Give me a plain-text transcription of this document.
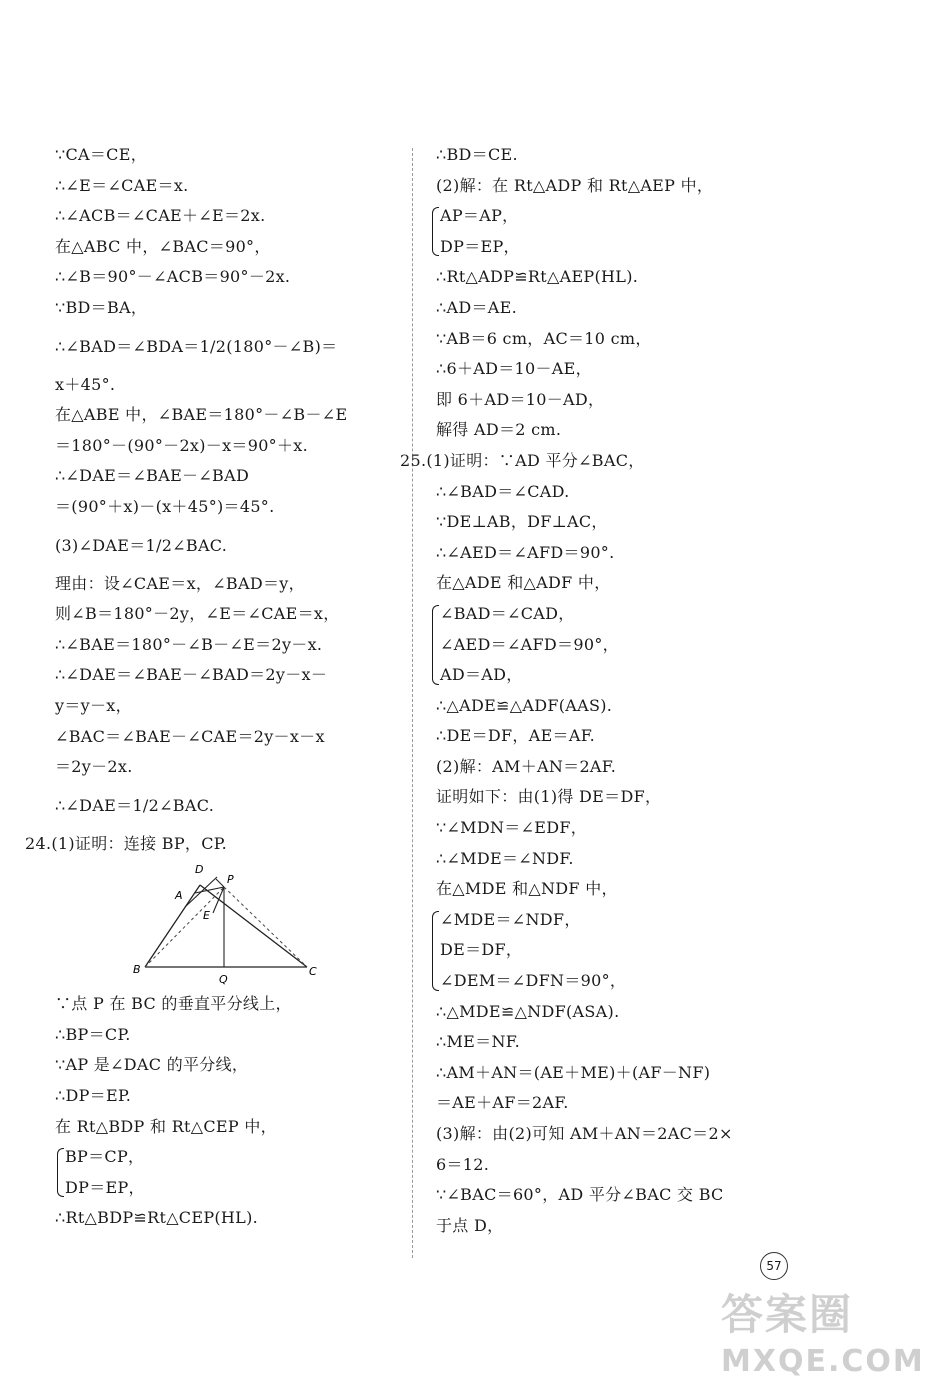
∵CA＝CE，
∴∠E＝∠CAE＝x.
∴∠ACB＝∠CAE＋∠E＝2x.
在△ABC 中，∠BAC＝90°，
∴∠B＝90°－∠ACB＝90°－2x.
∵BD＝BA，
∴∠BAD＝∠BDA＝1/2(180°－∠B)＝
x＋45°.
在△ABE 中，∠BAE＝180°－∠B－∠E
＝180°－(90°－2x)－x＝90°＋x.
∴∠DAE＝∠BAE－∠BAD
＝(90°＋x)－(x＋45°)＝45°.
(3)∠DAE＝1/2∠BAC.
理由：设∠CAE＝x，∠BAD＝y，
则∠B＝180°－2y，∠E＝∠CAE＝x，
∴∠BAE＝180°－∠B－∠E＝2y－x.
∴∠DAE＝∠BAE－∠BAD＝2y－x－
y＝y－x，
∠BAC＝∠BAE－∠CAE＝2y－x－x
＝2y－2x.
∴∠DAE＝1/2∠BAC.
24.(1)证明：连接 BP，CP.
D
A
P
E
B
Q
C
∵点 P 在 BC 的垂直平分线上，
∴BP＝CP.
∵AP 是∠DAC 的平分线，
∴DP＝EP.
在 Rt△BDP 和 Rt△CEP 中，
BP＝CP，
DP＝EP，
∴Rt△BDP≌Rt△CEP(HL).
∴BD＝CE.
(2)解：在 Rt△ADP 和 Rt△AEP 中，
AP＝AP，
DP＝EP，
∴Rt△ADP≌Rt△AEP(HL).
∴AD＝AE.
∵AB＝6 cm，AC＝10 cm，
∴6＋AD＝10－AE，
即 6＋AD＝10－AD，
解得 AD＝2 cm.
25.(1)证明：∵AD 平分∠BAC，
∴∠BAD＝∠CAD.
∵DE⊥AB，DF⊥AC，
∴∠AED＝∠AFD＝90°.
在△ADE 和△ADF 中，
∠BAD＝∠CAD，
∠AED＝∠AFD＝90°，
AD＝AD，
∴△ADE≌△ADF(AAS).
∴DE＝DF，AE＝AF.
(2)解：AM＋AN＝2AF.
证明如下：由(1)得 DE＝DF，
∵∠MDN＝∠EDF，
∴∠MDE＝∠NDF.
在△MDE 和△NDF 中，
∠MDE＝∠NDF，
DE＝DF，
∠DEM＝∠DFN＝90°，
∴△MDE≌△NDF(ASA).
∴ME＝NF.
∴AM＋AN＝(AE＋ME)＋(AF－NF)
＝AE＋AF＝2AF.
(3)解：由(2)可知 AM＋AN＝2AC＝2×
6＝12.
∵∠BAC＝60°，AD 平分∠BAC 交 BC
于点 D，
57
答案圈
MXQE.COM
